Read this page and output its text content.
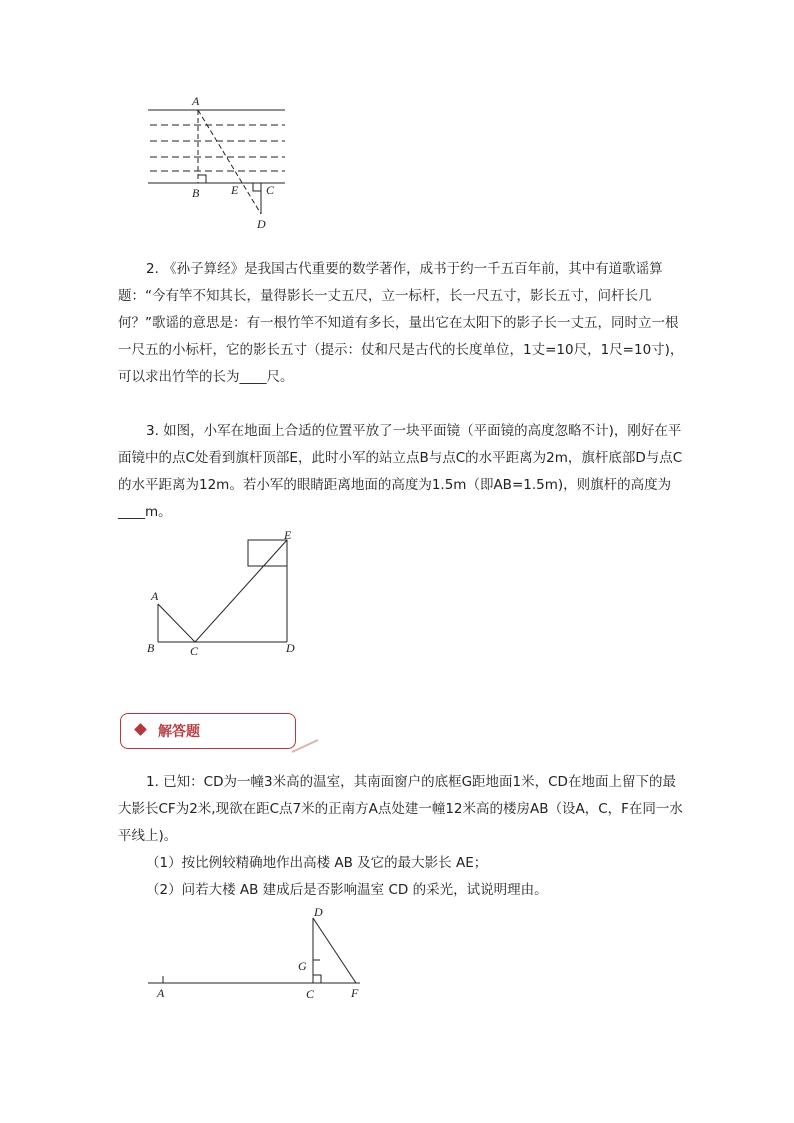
A
B	E C
D

2. 《孙子算经》是我国古代重要的数学著作，成书于约一千五百年前，其中有道歌谣算题：“今有竿不知其长，量得影长一丈五尺，立一标杆，长一尺五寸，影长五寸，问杆长几何？”歌谣的意思是：有一根竹竿不知道有多长，量出它在太阳下的影子长一丈五，同时立一根一尺五的小标杆，它的影长五寸（提示：仗和尺是古代的长度单位，1丈=10尺，1尺=10寸)，可以求出竹竿的长为____尺。

3. 如图，小军在地面上合适的位置平放了一块平面镜（平面镜的高度忽略不计)，刚好在平面镜中的点C处看到旗杆顶部E，此时小军的站立点B与点C的水平距离为2m，旗杆底部D与点C的水平距离为12m。若小军的眼睛距离地面的高度为1.5m（即AB=1.5m)，则旗杆的高度为____m。

E
A
B	C	D
解答题

1. 已知：CD为一幢3米高的温室，其南面窗户的底框G距地面1米，CD在地面上留下的最大影长CF为2米,现欲在距C点7米的正南方A点处建一幢12米高的楼房AB（设A，C，F在同一水平线上)。

（1）按比例较精确地作出高楼 AB 及它的最大影长 AE；

（2）问若大楼 AB 建成后是否影响温室 CD 的采光，试说明理由。

D
G
A	C	F
